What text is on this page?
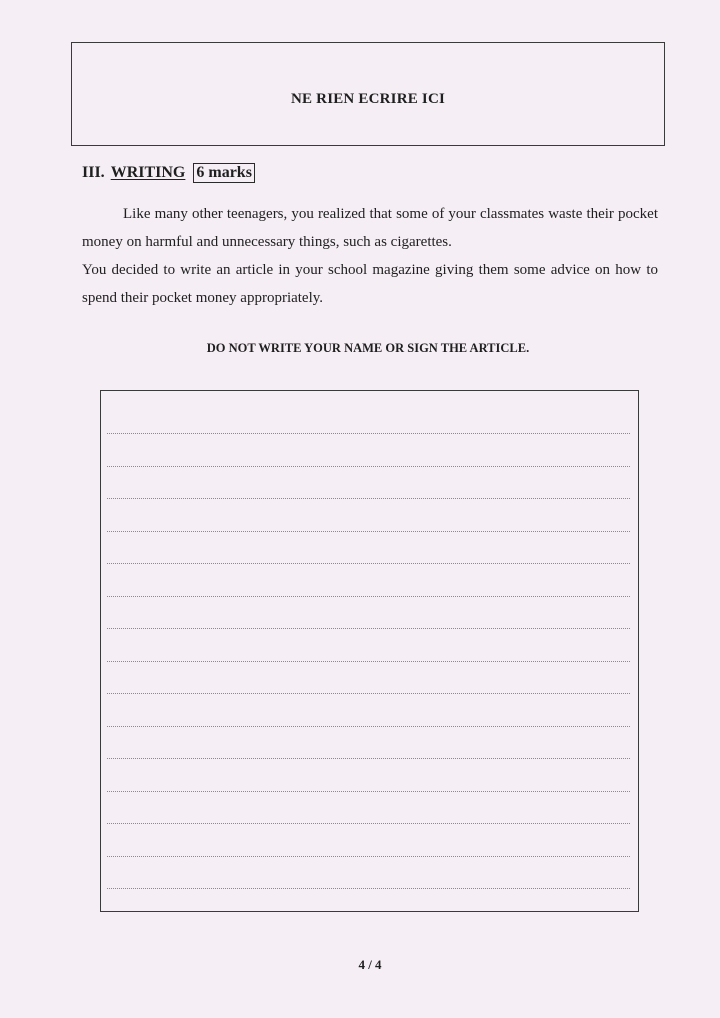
NE RIEN ECRIRE ICI
III. WRITING 6 marks

Like many other teenagers, you realized that some of your classmates waste their pocket money on harmful and unnecessary things, such as cigarettes.

You decided to write an article in your school magazine giving them some advice on how to spend their pocket money appropriately.

DO NOT WRITE YOUR NAME OR SIGN THE ARTICLE.
4 / 4
